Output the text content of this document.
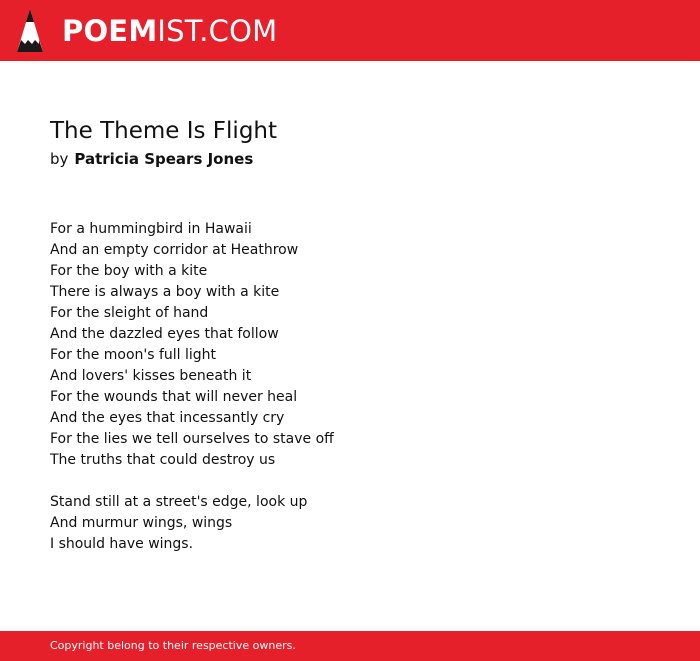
POEMIST.COM
The Theme Is Flight
by Patricia Spears Jones

For a hummingbird in Hawaii
And an empty corridor at Heathrow
For the boy with a kite
There is always a boy with a kite
For the sleight of hand
And the dazzled eyes that follow
For the moon's full light
And lovers' kisses beneath it
For the wounds that will never heal
And the eyes that incessantly cry
For the lies we tell ourselves to stave off
The truths that could destroy us

Stand still at a street's edge, look up
And murmur wings, wings
I should have wings.

Copyright belong to their respective owners.
